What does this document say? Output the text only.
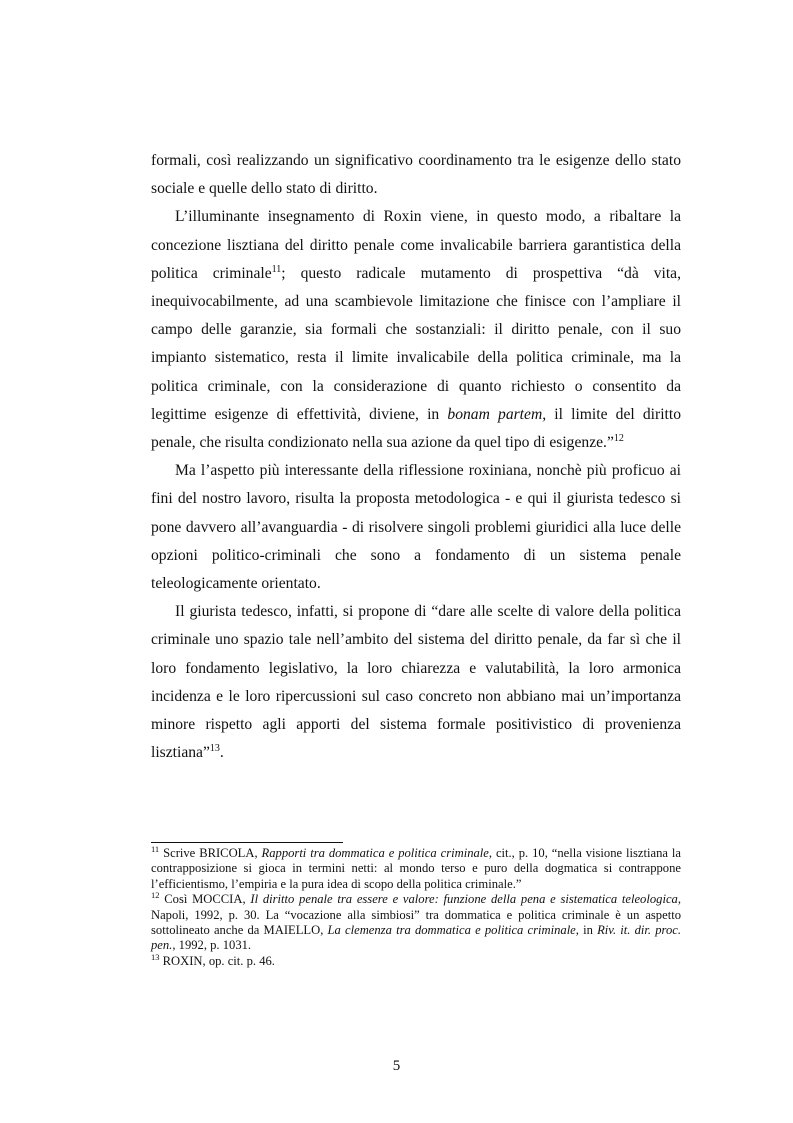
formali, così realizzando un significativo coordinamento tra le esigenze dello stato sociale e quelle dello stato di diritto.

L’illuminante insegnamento di Roxin viene, in questo modo, a ribaltare la concezione lisztiana del diritto penale come invalicabile barriera garantistica della politica criminale$^{11}$; questo radicale mutamento di prospettiva “dà vita, inequivocabilmente, ad una scambievole limitazione che finisce con l’ampliare il campo delle garanzie, sia formali che sostanziali: il diritto penale, con il suo impianto sistematico, resta il limite invalicabile della politica criminale, ma la politica criminale, con la considerazione di quanto richiesto o consentito da legittime esigenze di effettività, diviene, in bonam partem, il limite del diritto penale, che risulta condizionato nella sua azione da quel tipo di esigenze.”$^{12}$

Ma l’aspetto più interessante della riflessione roxiniana, nonchè più proficuo ai fini del nostro lavoro, risulta la proposta metodologica - e qui il giurista tedesco si pone davvero all’avanguardia - di risolvere singoli problemi giuridici alla luce delle opzioni politico-criminali che sono a fondamento di un sistema penale teleologicamente orientato.

Il giurista tedesco, infatti, si propone di “dare alle scelte di valore della politica criminale uno spazio tale nell’ambito del sistema del diritto penale, da far sì che il loro fondamento legislativo, la loro chiarezza e valutabilità, la loro armonica incidenza e le loro ripercussioni sul caso concreto non abbiano mai un’importanza minore rispetto agli apporti del sistema formale positivistico di provenienza lisztiana”$^{13}$.

$^{11}$ Scrive BRICOLA, Rapporti tra dommatica e politica criminale, cit., p. 10, “nella visione lisztiana la contrapposizione si gioca in termini netti: al mondo terso e puro della dogmatica si contrappone l’efficientismo, l’empiria e la pura idea di scopo della politica criminale.”

$^{12}$ Così MOCCIA, Il diritto penale tra essere e valore: funzione della pena e sistematica teleologica, Napoli, 1992, p. 30. La “vocazione alla simbiosi” tra dommatica e politica criminale è un aspetto sottolineato anche da MAIELLO, La clemenza tra dommatica e politica criminale, in Riv. it. dir. proc. pen., 1992, p. 1031.

$^{13}$ ROXIN, op. cit. p. 46.

5
